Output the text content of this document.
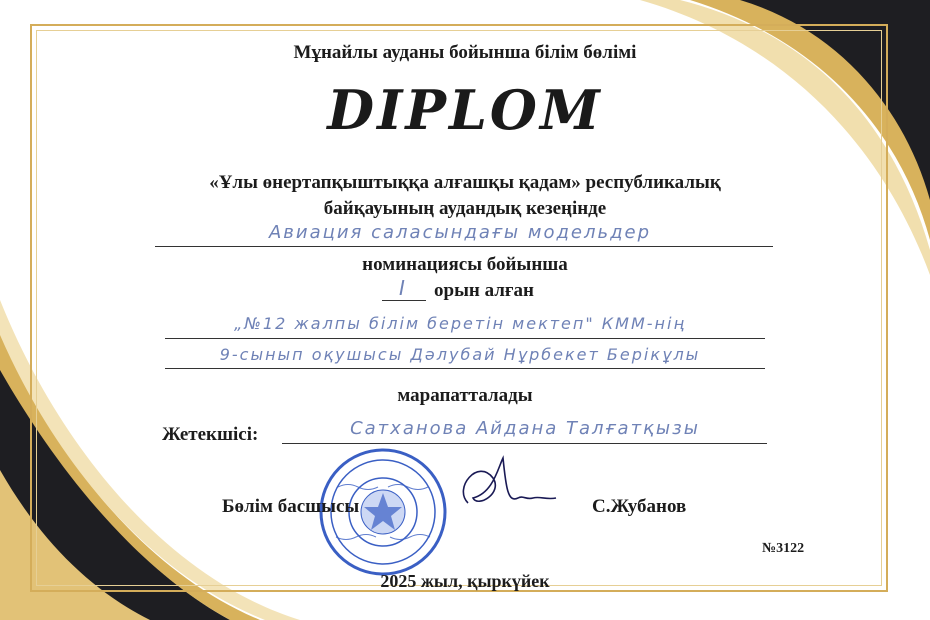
Мұнайлы ауданы бойынша білім бөлімі
DIPLOM
«Ұлы өнертапқыштыққа алғашқы қадам» республикалық
байқауының аудандық кезеңінде
Авиация саласындағы модельдер
номинациясы бойынша
I	орын алған
„№12 жалпы білім беретін мектеп" КММ-нің
9-сынып оқушысы Дәлубай Нұрбекет Берікұлы
марапатталады
Жетекшісі:	Сатханова Айдана Талғатқызы
Бөлім басшысы	С.Жубанов
№3122
2025 жыл, қыркүйек
